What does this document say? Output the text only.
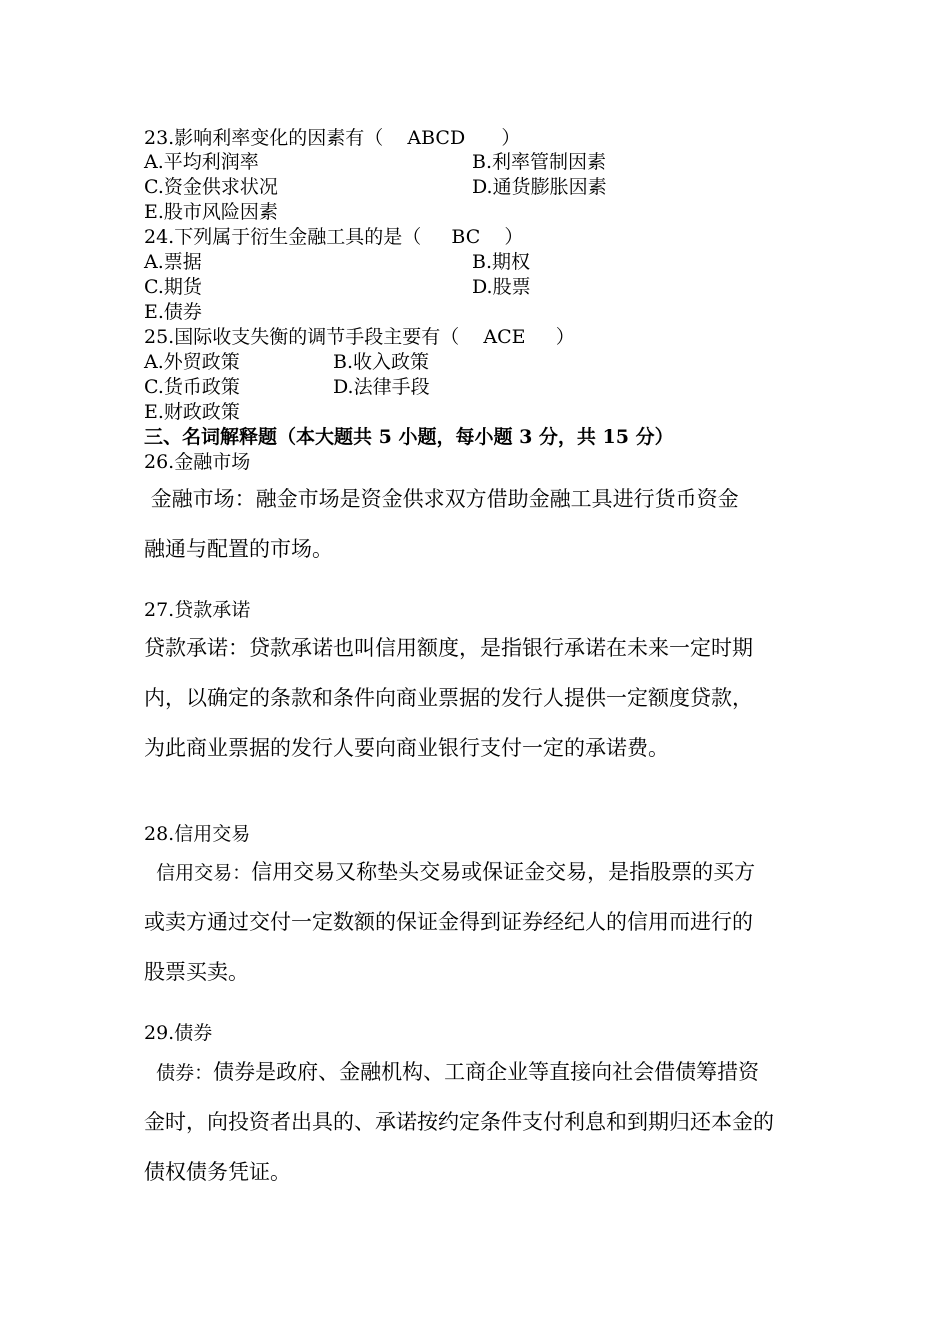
23.影响利率变化的因素有（    ABCD      ）
A.平均利润率	B.利率管制因素
C.资金供求状况	D.通货膨胀因素
E.股市风险因素
24.下列属于衍生金融工具的是（     BC    ）
A.票据	B.期权
C.期货	D.股票
E.债券
25.国际收支失衡的调节手段主要有（    ACE     ）
A.外贸政策	B.收入政策
C.货币政策	D.法律手段
E.财政政策
三、名词解释题（本大题共 5 小题，每小题 3 分，共 15 分）
26.金融市场
金融市场：融金市场是资金供求双方借助金融工具进行货币资金
融通与配置的市场。
27.贷款承诺
贷款承诺：贷款承诺也叫信用额度，是指银行承诺在未来一定时期
内，以确定的条款和条件向商业票据的发行人提供一定额度贷款，
为此商业票据的发行人要向商业银行支付一定的承诺费。
28.信用交易
信用交易：信用交易又称垫头交易或保证金交易，是指股票的买方
或卖方通过交付一定数额的保证金得到证券经纪人的信用而进行的
股票买卖。
29.债券
债券：债券是政府、金融机构、工商企业等直接向社会借债筹措资
金时，向投资者出具的、承诺按约定条件支付利息和到期归还本金的
债权债务凭证。
